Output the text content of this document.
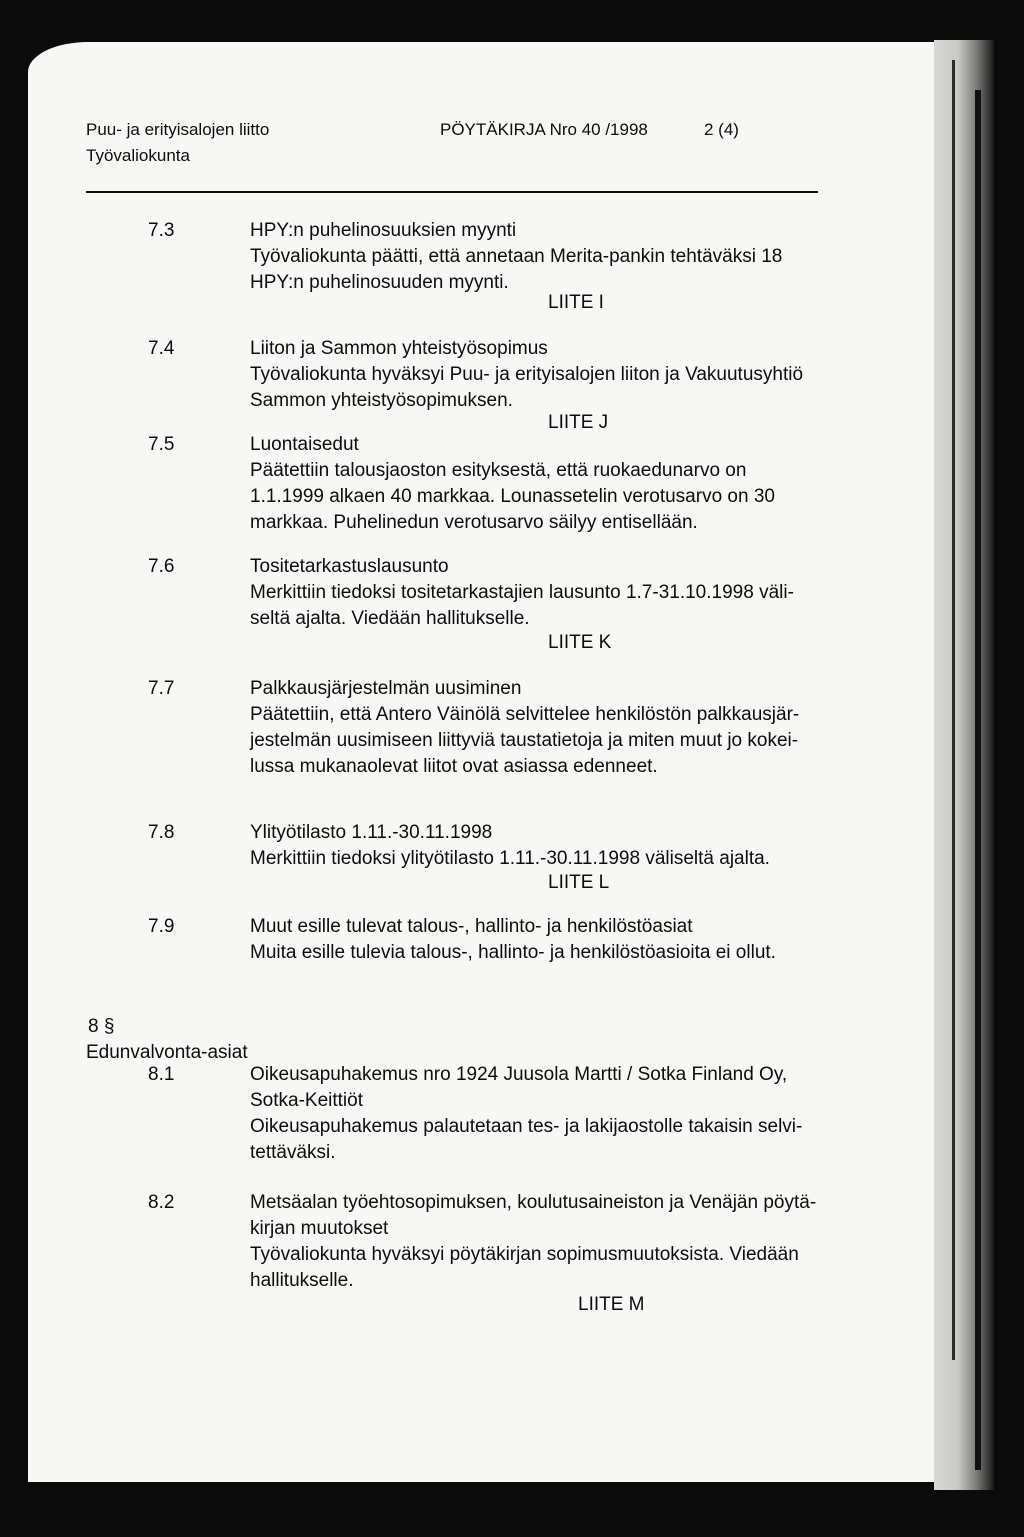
Puu- ja erityisalojen liitto
Työvaliokunta
PÖYTÄKIRJA Nro 40 /1998	2 (4)
7.3	HPY:n puhelinosuuksien myynti
Työvaliokunta päätti, että annetaan Merita-pankin tehtäväksi 18
HPY:n puhelinosuuden myynti.
LIITE I
7.4	Liiton ja Sammon yhteistyösopimus
Työvaliokunta hyväksyi Puu- ja erityisalojen liiton ja Vakuutusyhtiö
Sammon yhteistyösopimuksen.
LIITE J
7.5	Luontaisedut
Päätettiin talousjaoston esityksestä, että ruokaedunarvo on
1.1.1999 alkaen 40 markkaa. Lounassetelin verotusarvo on 30
markkaa. Puhelinedun verotusarvo säilyy entisellään.
7.6	Tositetarkastuslausunto
Merkittiin tiedoksi tositetarkastajien lausunto 1.7-31.10.1998 väli-
seltä ajalta. Viedään hallitukselle.
LIITE K
7.7	Palkkausjärjestelmän uusiminen
Päätettiin, että Antero Väinölä selvittelee henkilöstön palkkausjär-
jestelmän uusimiseen liittyviä taustatietoja ja miten muut jo kokei-
lussa mukanaolevat liitot ovat asiassa edenneet.
7.8	Ylityötilasto 1.11.-30.11.1998
Merkittiin tiedoksi ylityötilasto 1.11.-30.11.1998 väliseltä ajalta.
LIITE L
7.9	Muut esille tulevat talous-, hallinto- ja henkilöstöasiat
Muita esille tulevia talous-, hallinto- ja henkilöstöasioita ei ollut.
8 §
Edunvalvonta-asiat
8.1	Oikeusapuhakemus nro 1924 Juusola Martti / Sotka Finland Oy,
Sotka-Keittiöt
Oikeusapuhakemus palautetaan tes- ja lakijaostolle takaisin selvi-
tettäväksi.
8.2	Metsäalan työehtosopimuksen, koulutusaineiston ja Venäjän pöytä-
kirjan muutokset
Työvaliokunta hyväksyi pöytäkirjan sopimusmuutoksista. Viedään
hallitukselle.
LIITE M
